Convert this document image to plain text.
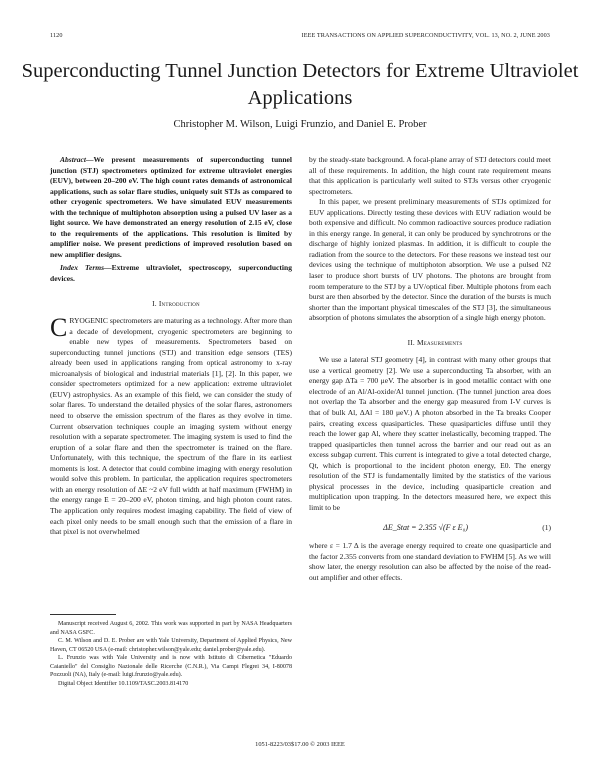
1120	IEEE TRANSACTIONS ON APPLIED SUPERCONDUCTIVITY, VOL. 13, NO. 2, JUNE 2003
Superconducting Tunnel Junction Detectors for Extreme Ultraviolet Applications
Christopher M. Wilson, Luigi Frunzio, and Daniel E. Prober

Abstract—We present measurements of superconducting tunnel junction (STJ) spectrometers optimized for extreme ultraviolet energies (EUV), between 20–200 eV. The high count rates demands of astronomical applications, such as solar flare studies, uniquely suit STJs as compared to other cryogenic spectrometers. We have simulated EUV measurements with the technique of multiphoton absorption using a pulsed UV laser as a light source. We have demonstrated an energy resolution of 2.15 eV, close to the requirements of the applications. This resolution is limited by amplifier noise. We present predictions of improved resolution based on new amplifier designs.

Index Terms—Extreme ultraviolet, spectroscopy, superconducting devices.

I. Introduction

CRYOGENIC spectrometers are maturing as a technology. After more than a decade of development, cryogenic spectrometers are beginning to enable new types of measurements. Spectrometers based on superconducting tunnel junctions (STJ) and transition edge sensors (TES) already been used in applications ranging from optical astronomy to x-ray microanalysis of biological and industrial materials [1], [2]. In this paper, we consider spectrometers optimized for a new application: extreme ultraviolet (EUV) astrophysics. As an example of this field, we can consider the study of solar flares. To understand the detailed physics of the solar flares, astronomers need to observe the emission spectrum of the flares as they evolve in time. Current observation techniques couple an imaging system without energy resolution with a separate spectrometer. The imaging system is used to find the eruption of a solar flare and then the spectrometer is trained on the flare. Unfortunately, with this technique, the spectrum of the flare in its earliest moments is lost. A detector that could combine imaging with energy resolution would solve this problem. In particular, the application requires spectrometers with an energy resolution of ΔE ~2 eV full width at half maximum (FWHM) in the energy range E = 20–200 eV, photon timing, and high photon count rates. The application only requires modest imaging capability. The field of view of each pixel only needs to be small enough such that the emission of a flare in that pixel is not overwhelmed

Manuscript received August 6, 2002. This work was supported in part by NASA Headquarters and NASA GSFC.

C. M. Wilson and D. E. Prober are with Yale University, Department of Applied Physics, New Haven, CT 06520 USA (e-mail: christopher.wilson@yale.edu; daniel.prober@yale.edu).

L. Frunzio was with Yale University and is now with Istituto di Cibernetica "Eduardo Caianiello" del Consiglio Nazionale delle Ricerche (C.N.R.), Via Campi Flegrei 34, I-80078 Pozzuoli (NA), Italy (e-mail: luigi.frunzio@yale.edu).

Digital Object Identifier 10.1109/TASC.2003.814170

by the steady-state background. A focal-plane array of STJ detectors could meet all of these requirements. In addition, the high count rate requirement means that this application is particularly well suited to STJs versus other cryogenic spectrometers.

In this paper, we present preliminary measurements of STJs optimized for EUV applications. Directly testing these devices with EUV radiation would be both expensive and difficult. No common radioactive sources produce radiation in this energy range. In general, it can only be produced by synchrotrons or the discharge of highly ionized plasmas. In addition, it is difficult to couple the radiation from the source to the detectors. For these reasons we instead test our devices using the technique of multiphoton absorption. We use a pulsed N2 laser to produce short bursts of UV photons. The photons are brought from room temperature to the STJ by a UV/optical fiber. Multiple photons from each burst are then absorbed by the detector. Since the duration of the bursts is much shorter than the important physical timescales of the STJ [3], the simultaneous absorption of photons simulates the absorption of a single high energy photon.

II. Measurements

We use a lateral STJ geometry [4], in contrast with many other groups that use a vertical geometry [2]. We use a superconducting Ta absorber, with an energy gap ΔTa = 700 μeV. The absorber is in good metallic contact with one electrode of an Al/Al-oxide/Al tunnel junction. (The tunnel junction area does not overlap the Ta absorber and the energy gap measured from I-V curves is that of bulk Al, ΔAl = 180 μeV.) A photon absorbed in the Ta breaks Cooper pairs, creating excess quasiparticles. These quasiparticles diffuse until they reach the lower gap Al, where they scatter inelastically, becoming trapped. The trapped quasiparticles then tunnel across the barrier and our read out as an excess subgap current. This current is integrated to give a total detected charge, Qt, which is proportional to the incident photon energy, E0. The energy resolution of the STJ is fundamentally limited by the statistics of the various physical processes in the device, including quasiparticle creation and multiplication upon trapping. In the detectors measured here, we expect this limit to be

ΔE_Stat = 2.355 √(F ε E₀)	(1)

where ε = 1.7 Δ is the average energy required to create one quasiparticle and the factor 2.355 converts from one standard deviation to FWHM [5]. As we will show later, the energy resolution can also be affected by the noise of the read-out amplifier and other effects.

1051-8223/03$17.00 © 2003 IEEE
